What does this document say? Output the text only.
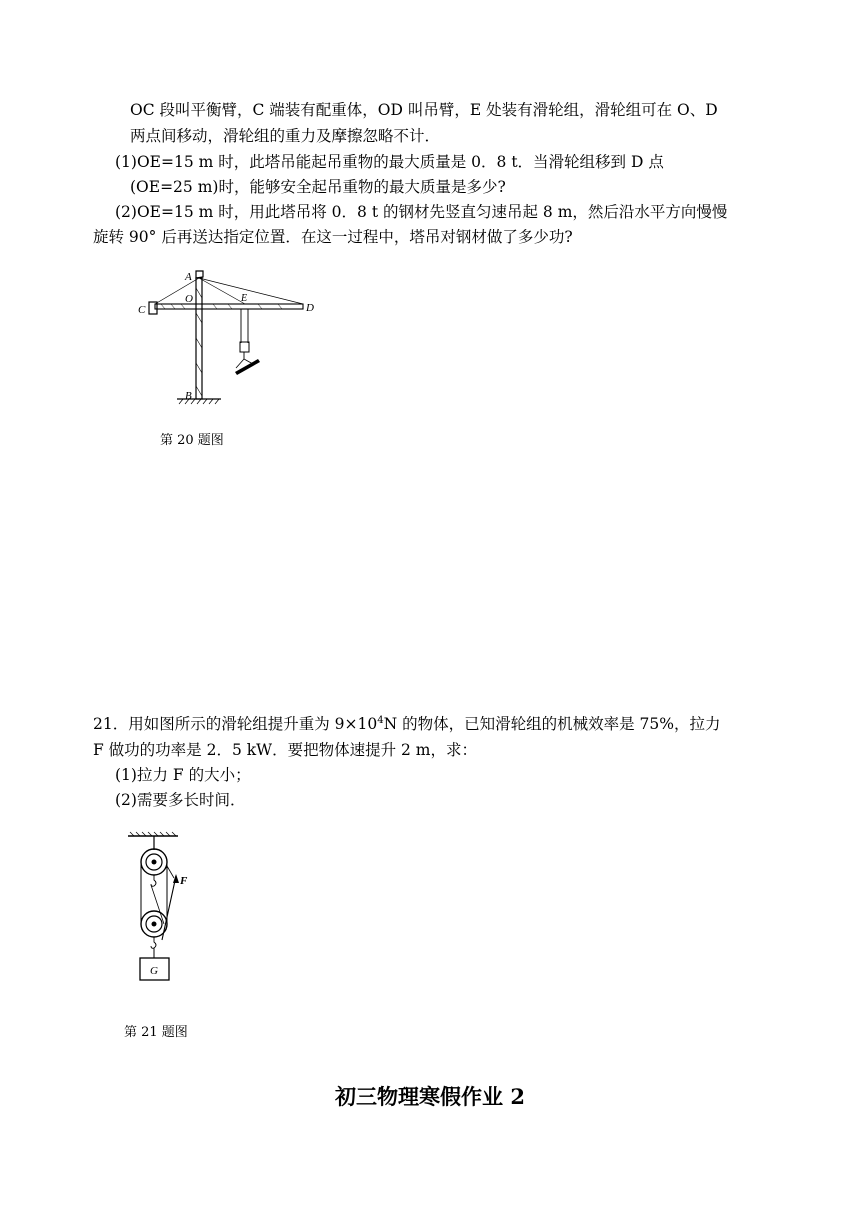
OC 段叫平衡臂，C 端装有配重体，OD 叫吊臂，E 处装有滑轮组，滑轮组可在 O、D
两点间移动，滑轮组的重力及摩擦忽略不计．
(1)OE=15 m 时，此塔吊能起吊重物的最大质量是 0．8 t．当滑轮组移到 D 点
(OE=25 m)时，能够安全起吊重物的最大质量是多少?
(2)OE=15 m 时，用此塔吊将 0．8 t 的钢材先竖直匀速吊起 8 m，然后沿水平方向慢慢
旋转 90° 后再送达指定位置．在这一过程中，塔吊对钢材做了多少功?
A
O	E
C	D
B
第 20 题图
21．用如图所示的滑轮组提升重为 $9\times 10^4N$ 的物体，已知滑轮组的机械效率是 75%，拉力
F 做功的功率是 2．5 kW．要把物体速提升 2 m，求：
(1)拉力 F 的大小；
(2)需要多长时间．
F
G
第 21 题图
初三物理寒假作业 2
